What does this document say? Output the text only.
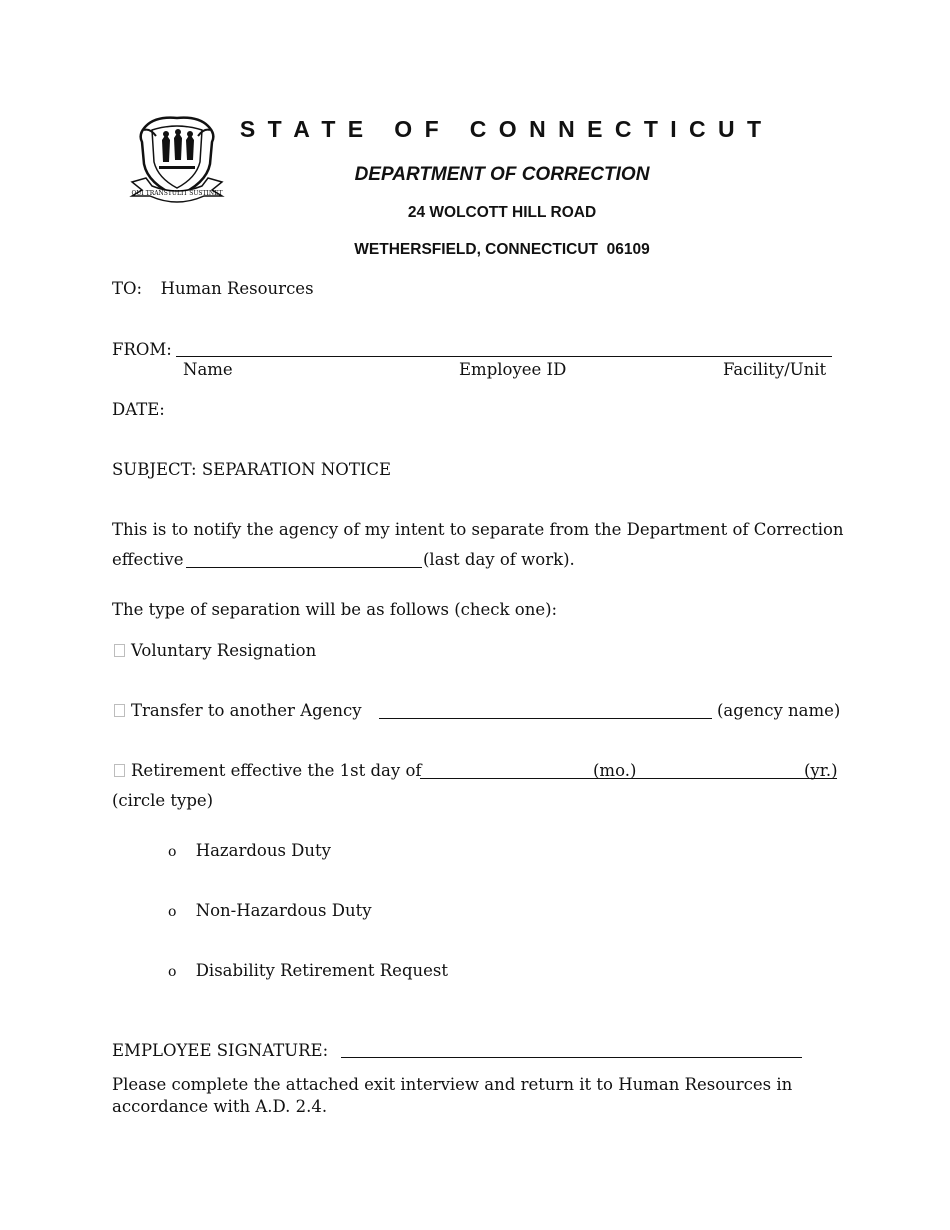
QUI TRANSTULIT SUSTINET
S T A T E   O F   C O N N E C T I C U T
DEPARTMENT OF CORRECTION
24 WOLCOTT HILL ROAD
WETHERSFIELD, CONNECTICUT  06109
TO: Human Resources
FROM:
Name	Employee ID	Facility/Unit
DATE:
SUBJECT: SEPARATION NOTICE
This is to notify the agency of my intent to separate from the Department of Correction
effective	(last day of work).
The type of separation will be as follows (check one):
Voluntary Resignation
Transfer to another Agency	(agency name)
Retirement effective the 1st day of	(mo.)	(yr.)
(circle type)
o Hazardous Duty
o Non-Hazardous Duty
o Disability Retirement Request
EMPLOYEE SIGNATURE:
Please complete the attached exit interview and return it to Human Resources in
accordance with A.D. 2.4.
